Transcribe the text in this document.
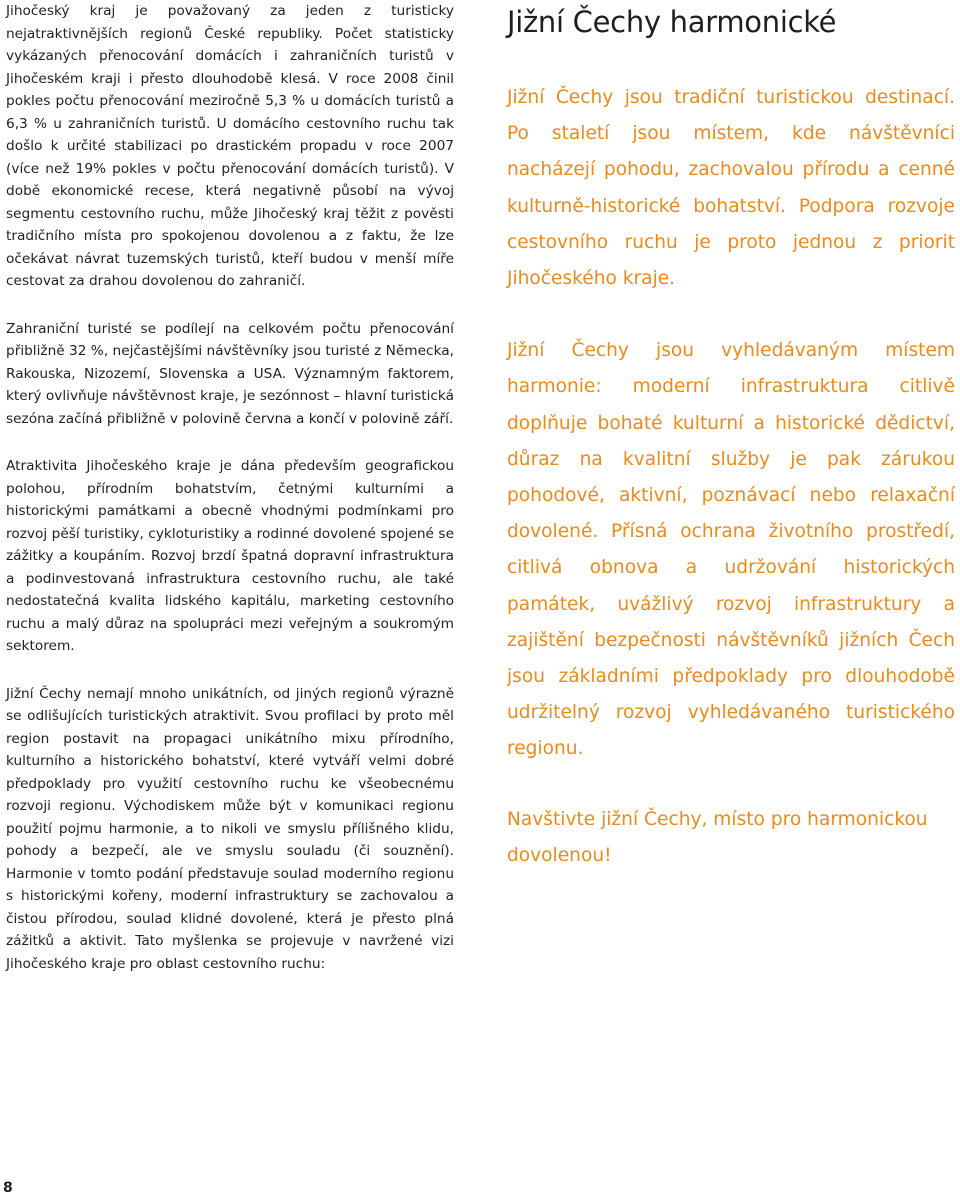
Jihočeský kraj je považovaný za jeden z turisticky nejatraktivnějších regionů České republiky. Počet statisticky vykázaných přenocování domácích i zahraničních turistů v Jihočeském kraji i přesto dlouhodobě klesá. V roce 2008 činil pokles počtu přenocování meziročně 5,3 % u domácích turistů a 6,3 % u zahraničních turistů. U domácího cestovního ruchu tak došlo k určité stabilizaci po drastickém propadu v roce 2007 (více než 19% pokles v počtu přenocování domácích turistů). V době ekonomické recese, která negativně působí na vývoj segmentu cestovního ruchu, může Jihočeský kraj těžit z pověsti tradičního místa pro spokojenou dovolenou a z faktu, že lze očekávat návrat tuzemských turistů, kteří budou v menší míře cestovat za drahou dovolenou do zahraničí.

Zahraniční turisté se podílejí na celkovém počtu přenocování přibližně 32 %, nejčastějšími návštěvníky jsou turisté z Německa, Rakouska, Nizozemí, Slovenska a USA. Významným faktorem, který ovlivňuje návštěvnost kraje, je sezónnost – hlavní turistická sezóna začíná přibližně v polovině června a končí v polovině září.

Atraktivita Jihočeského kraje je dána především geografickou polohou, přírodním bohatstvím, četnými kulturními a historickými památkami a obecně vhodnými podmínkami pro rozvoj pěší turistiky, cykloturistiky a rodinné dovolené spojené se zážitky a koupáním. Rozvoj brzdí špatná dopravní infrastruktura a podinvestovaná infrastruktura cestovního ruchu, ale také nedostatečná kvalita lidského kapitálu, marketing cestovního ruchu a malý důraz na spolupráci mezi veřejným a soukromým sektorem.

Jižní Čechy nemají mnoho unikátních, od jiných regionů výrazně se odlišujících turistických atraktivit. Svou profilaci by proto měl region postavit na propagaci unikátního mixu přírodního, kulturního a historického bohatství, které vytváří velmi dobré předpoklady pro využití cestovního ruchu ke všeobecnému rozvoji regionu. Východiskem může být v komunikaci regionu použití pojmu harmonie, a to nikoli ve smyslu přílišného klidu, pohody a bezpečí, ale ve smyslu souladu (či souznění). Harmonie v tomto podání představuje soulad moderního regionu s historickými kořeny, moderní infrastruktury se zachovalou a čistou přírodou, soulad klidné dovolené, která je přesto plná zážitků a aktivit. Tato myšlenka se projevuje v navržené vizi Jihočeského kraje pro oblast cestovního ruchu:

Jižní Čechy harmonické

Jižní Čechy jsou tradiční turistickou destinací. Po staletí jsou místem, kde návštěvníci nacházejí pohodu, zachovalou přírodu a cenné kulturně-historické bohatství. Podpora rozvoje cestovního ruchu je proto jednou z priorit Jihočeského kraje.

Jižní Čechy jsou vyhledávaným místem harmonie: moderní infrastruktura citlivě doplňuje bohaté kulturní a historické dědictví, důraz na kvalitní služby je pak zárukou pohodové, aktivní, poznávací nebo relaxační dovolené. Přísná ochrana životního prostředí, citlivá obnova a udržování historických památek, uvážlivý rozvoj infrastruktury a zajištění bezpečnosti návštěvníků jižních Čech jsou základními předpoklady pro dlouhodobě udržitelný rozvoj vyhledávaného turistického regionu.

Navštivte jižní Čechy, místo pro harmonickou dovolenou!

8
